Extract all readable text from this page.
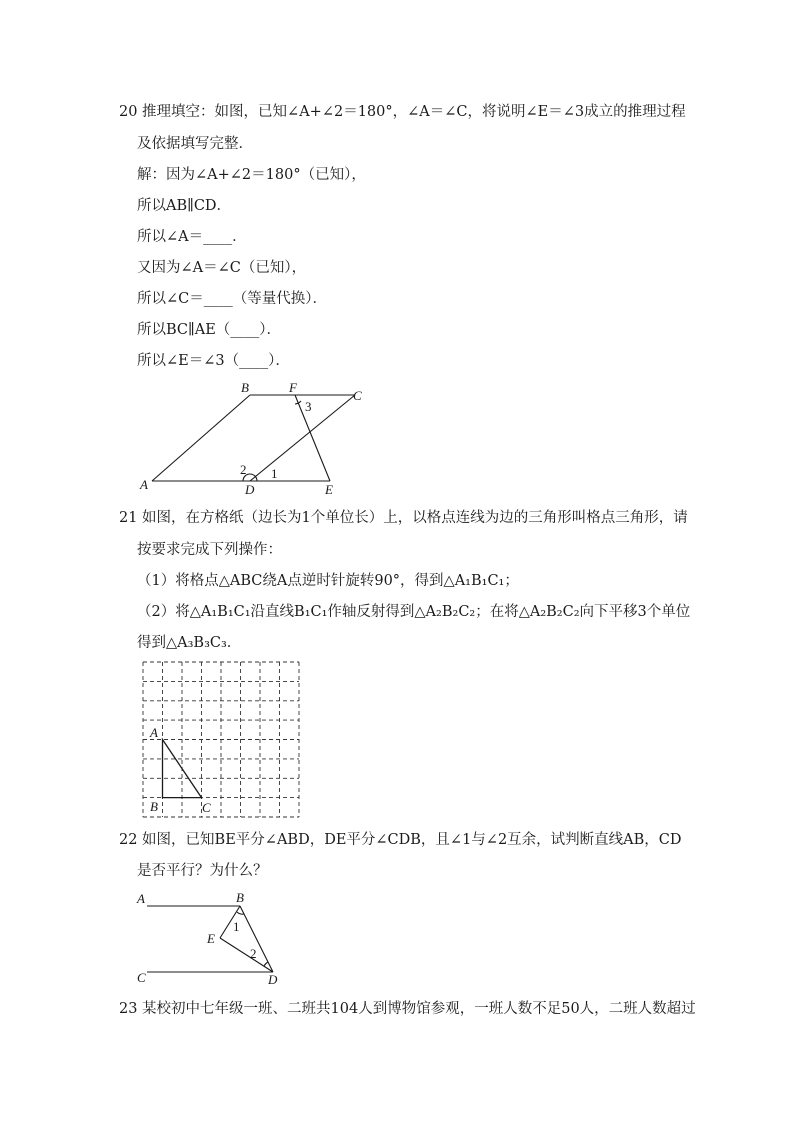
20 推理填空：如图，已知∠A+∠2＝180°，∠A＝∠C，将说明∠E＝∠3成立的推理过程
及依据填写完整．
解：因为∠A+∠2＝180°（已知），
所以AB∥CD．
所以∠A＝____．
又因为∠A＝∠C（已知），
所以∠C＝____（等量代换）．
所以BC∥AE（____）．
所以∠E＝∠3（____）．
A
B	F
C
D	E
2 1
3
21 如图，在方格纸（边长为1个单位长）上，以格点连线为边的三角形叫格点三角形，请
按要求完成下列操作：
（1）将格点△ABC绕A点逆时针旋转90°，得到△A₁B₁C₁；
（2）将△A₁B₁C₁沿直线B₁C₁作轴反射得到△A₂B₂C₂；在将△A₂B₂C₂向下平移3个单位
得到△A₃B₃C₃．
A
B	C
22 如图，已知BE平分∠ABD，DE平分∠CDB，且∠1与∠2互余，试判断直线AB，CD
是否平行？为什么？
A	B
E
C	D
1
2
23 某校初中七年级一班、二班共104人到博物馆参观，一班人数不足50人，二班人数超过
